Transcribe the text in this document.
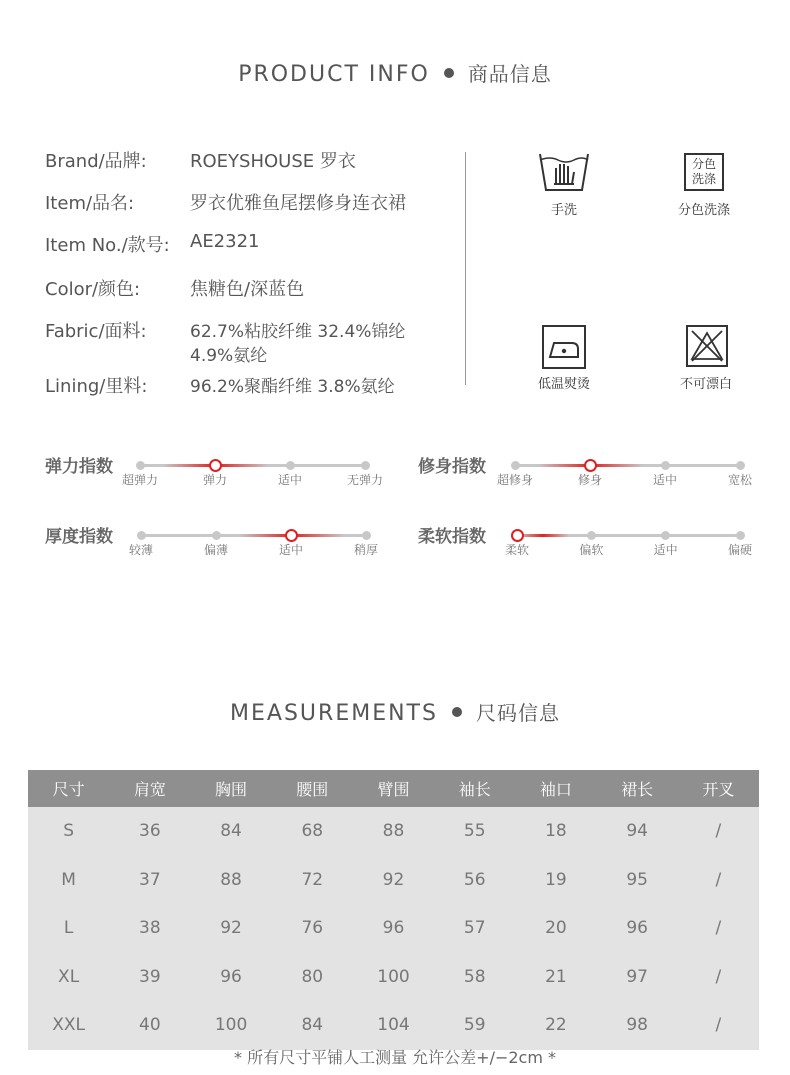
PRODUCT INFO 商品信息
Brand/品牌: ROEYSHOUSE 罗衣
Item/品名:	罗衣优雅鱼尾摆修身连衣裙
Item No./款号: AE2321
Color/颜色:	焦糖色/深蓝色
Fabric/面料:	62.7%粘胶纤维 32.4%锦纶
4.9%氨纶
Lining/里料:	96.2%聚酯纤维 3.8%氨纶
手洗
分色
洗涤
分色洗涤
低温熨烫	不可漂白
弹力指数
超弹力	弹力	适中	无弹力
修身指数
超修身	修身	适中	宽松
厚度指数
较薄	偏薄	适中	稍厚
柔软指数
柔软	偏软	适中	偏硬
MEASUREMENTS 尺码信息
尺寸	肩宽	胸围	腰围	臂围	袖长	袖口	裙长	开叉
S	36	84	68	88	55	18	94	/
M	37	88	72	92	56	19	95	/
L	38	92	76	96	57	20	96	/
XL	39	96	80	100	58	21	97	/
XXL	40	100	84	104	59	22	98	/
* 所有尺寸平铺人工测量 允许公差+/−2cm *
